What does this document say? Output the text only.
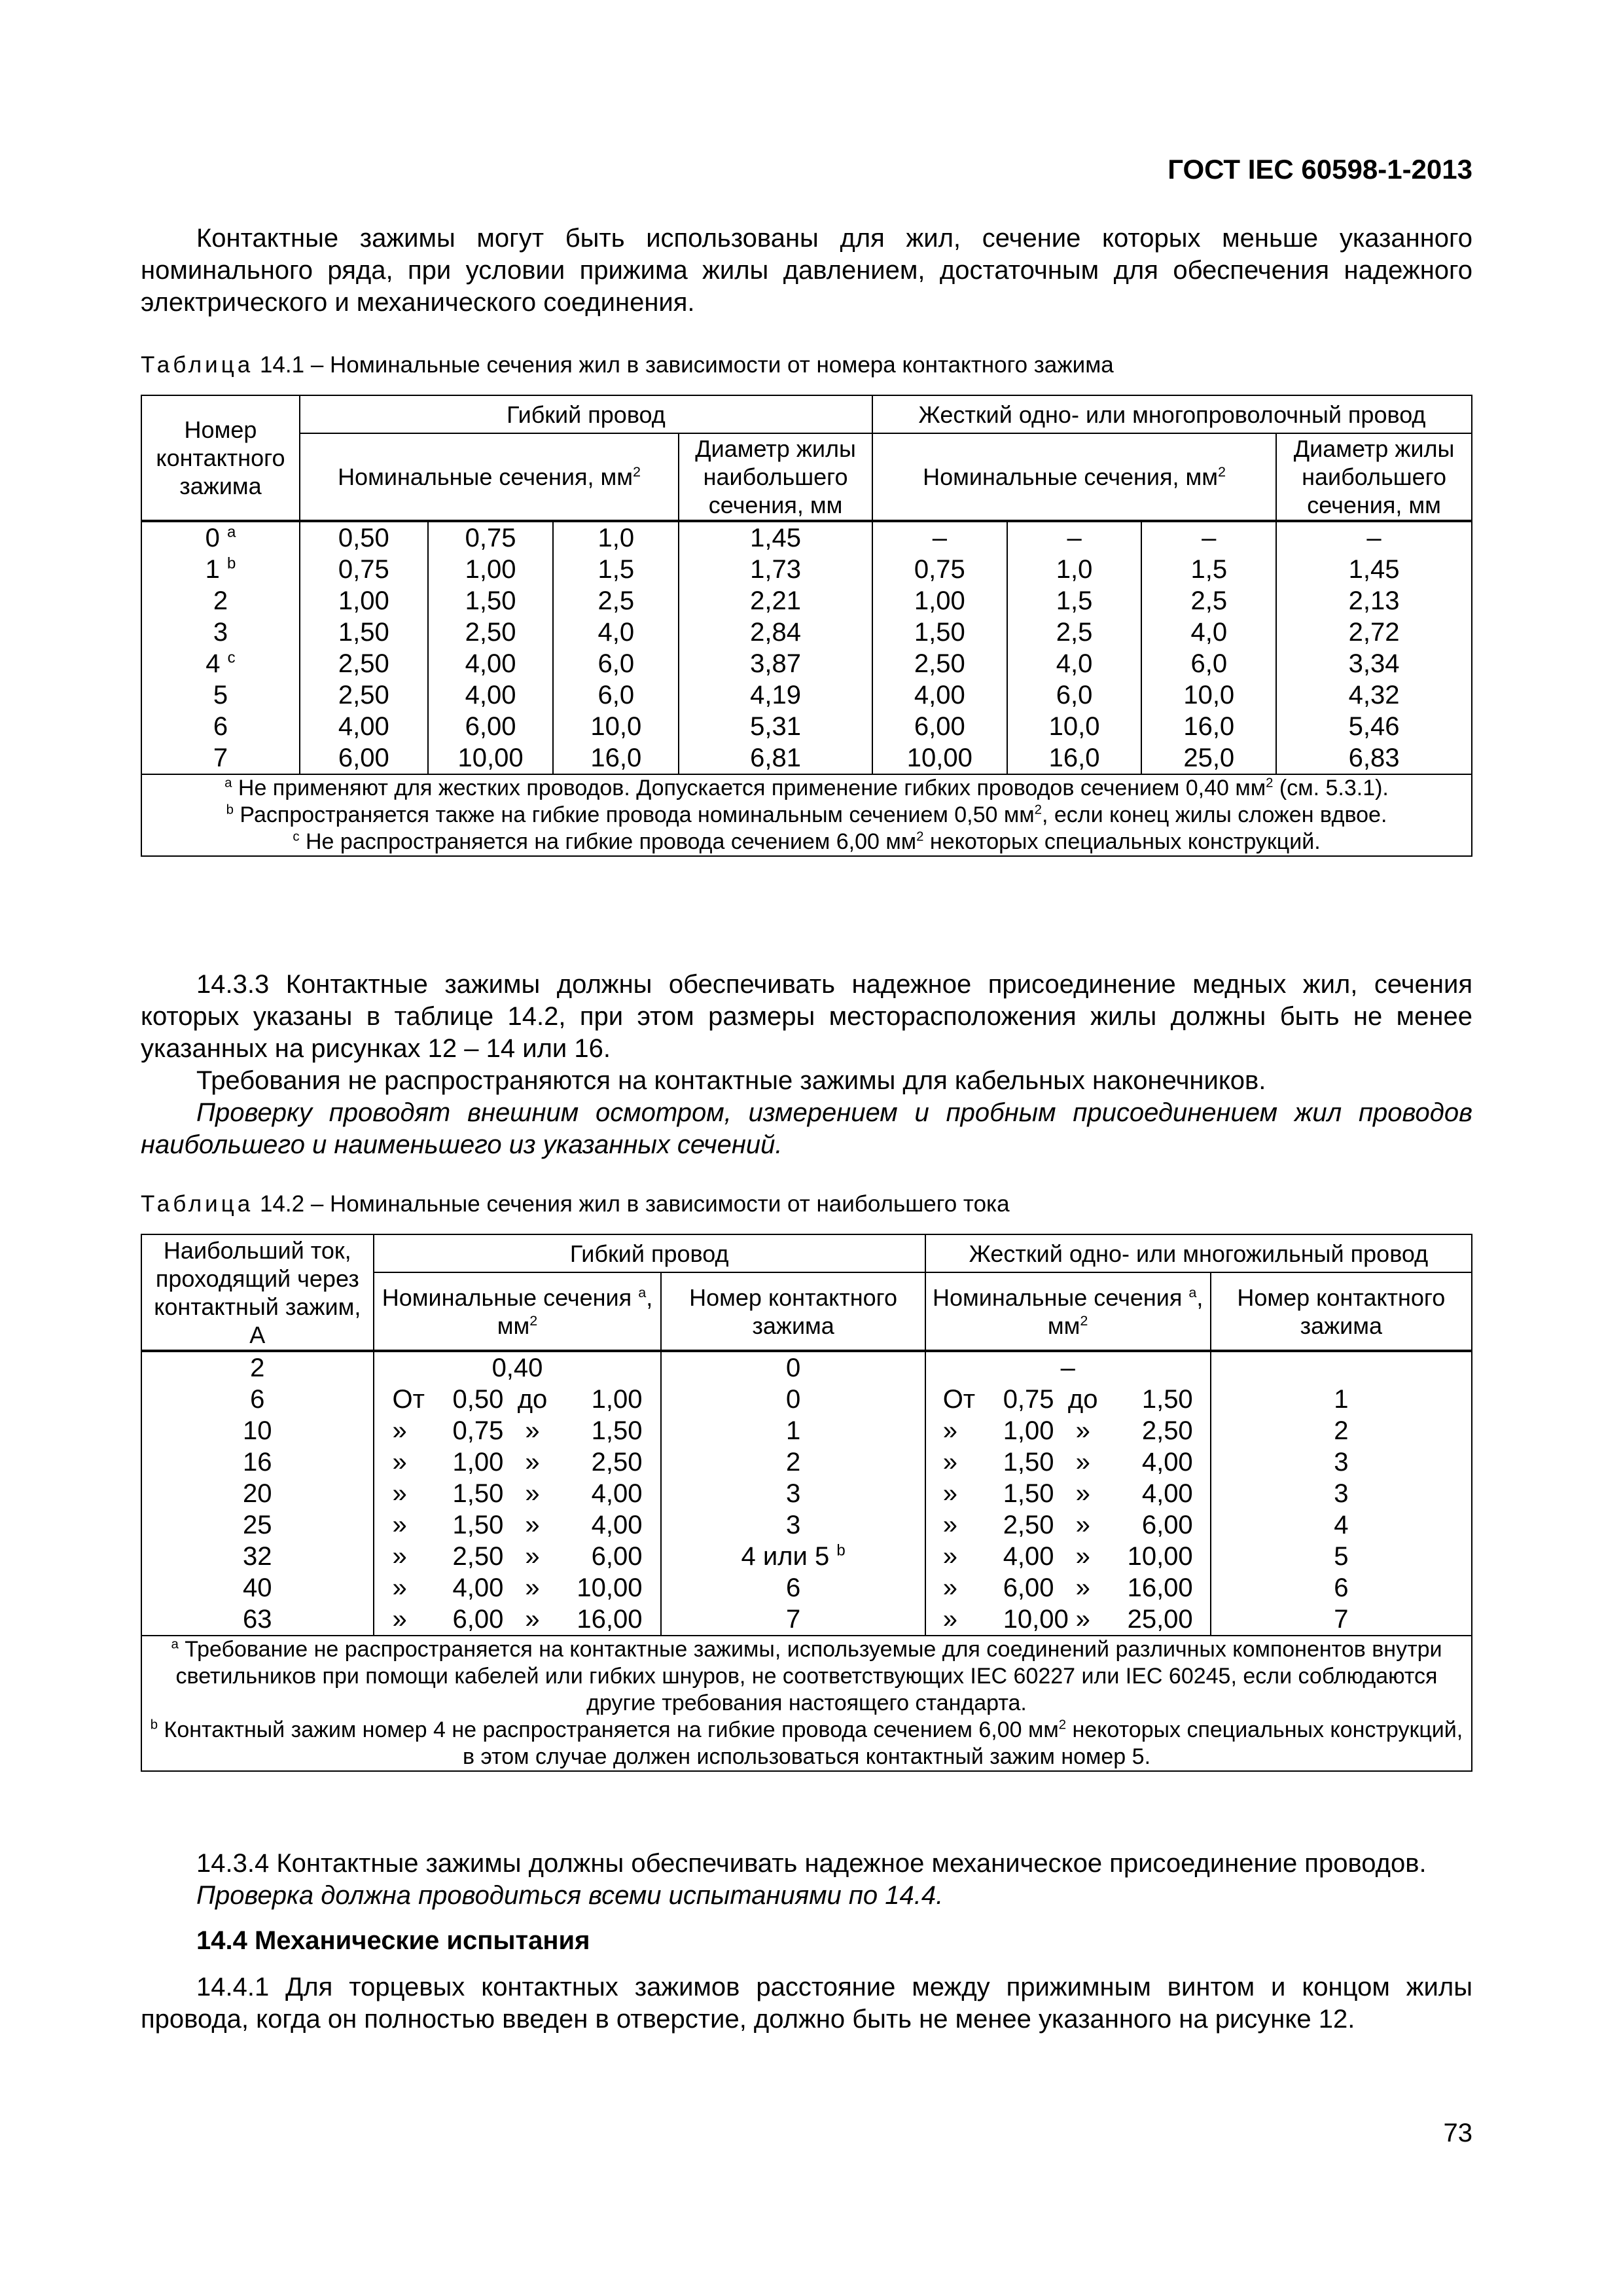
ГОСТ IEC 60598-1-2013

Контактные зажимы могут быть использованы для жил, сечение которых меньше указанного номинального ряда, при условии прижима жилы давлением, достаточным для обеспечения надежного электрического и механического соединения.

Таблица 14.1 – Номинальные сечения жил в зависимости от номера контактного зажима
Номер контактного зажима	Гибкий провод				Жесткий одно- или многопроволочный провод			
	Номинальные сечения, $мм^2$			Диаметр жилы наибольшего сечения, мм	Номинальные сечения, $мм^2$			Диаметр жилы наибольшего сечения, мм
0 $^a$	0,50	0,75	1,0	1,45	–	–	–	–
1 $^b$	0,75	1,00	1,5	1,73	0,75	1,0	1,5	1,45
2	1,00	1,50	2,5	2,21	1,00	1,5	2,5	2,13
3	1,50	2,50	4,0	2,84	1,50	2,5	4,0	2,72
4 $^c$	2,50	4,00	6,0	3,87	2,50	4,0	6,0	3,34
5	2,50	4,00	6,0	4,19	4,00	6,0	10,0	4,32
6	4,00	6,00	10,0	5,31	6,00	10,0	16,0	5,46
7	6,00	10,00	16,0	6,81	10,00	16,0	25,0	6,83

$^a$ Не применяют для жестких проводов. Допускается применение гибких проводов сечением 0,40 $мм^2$ (см. 5.3.1).
$^b$ Распространяется также на гибкие провода номинальным сечением 0,50 $мм^2$, если конец жилы сложен вдвое.
$^c$ Не распространяется на гибкие провода сечением 6,00 $мм^2$ некоторых специальных конструкций.								

14.3.3 Контактные зажимы должны обеспечивать надежное присоединение медных жил, сечения которых указаны в таблице 14.2, при этом размеры месторасположения жилы должны быть не менее указанных на рисунках 12 – 14 или 16.

Требования не распространяются на контактные зажимы для кабельных наконечников.

Проверку проводят внешним осмотром, измерением и пробным присоединением жил проводов наибольшего и наименьшего из указанных сечений.

Таблица 14.2 – Номинальные сечения жил в зависимости от наибольшего тока
Наибольший ток, проходящий через контактный зажим, А	Гибкий провод		Жесткий одно- или многожильный провод	
	Номинальные сечения $^a$, $мм^2$	Номер контактного зажима	Номинальные сечения $^a$, $мм^2$	Номер контактного зажима
2	0,40	0	–	
6	От 0,50 до 1,00	0	От 0,75 до 1,50	1
10	» 0,75 » 1,50	1	» 1,00 » 2,50	2
16	» 1,00 » 2,50	2	» 1,50 » 4,00	3
20	» 1,50 » 4,00	3	» 1,50 » 4,00	3
25	» 1,50 » 4,00	3	» 2,50 » 6,00	4
32	» 2,50 » 6,00	4 или 5 $^b$	» 4,00 » 10,00	5
40	» 4,00 » 10,00	6	» 6,00 » 16,00	6
63	» 6,00 » 16,00	7	» 10,00 » 25,00	7

$^a$ Требование не распространяется на контактные зажимы, используемые для соединений различных компонентов внутри светильников при помощи кабелей или гибких шнуров, не соответствующих IEC 60227 или IEC 60245, если соблюдаются другие требования настоящего стандарта.
$^b$ Контактный зажим номер 4 не распространяется на гибкие провода сечением 6,00 $мм^2$ некоторых специальных конструкций, в этом случае должен использоваться контактный зажим номер 5.				

14.3.4 Контактные зажимы должны обеспечивать надежное механическое присоединение проводов.

Проверка должна проводиться всеми испытаниями по 14.4.

14.4 Механические испытания

14.4.1 Для торцевых контактных зажимов расстояние между прижимным винтом и концом жилы провода, когда он полностью введен в отверстие, должно быть не менее указанного на рисунке 12.

73
